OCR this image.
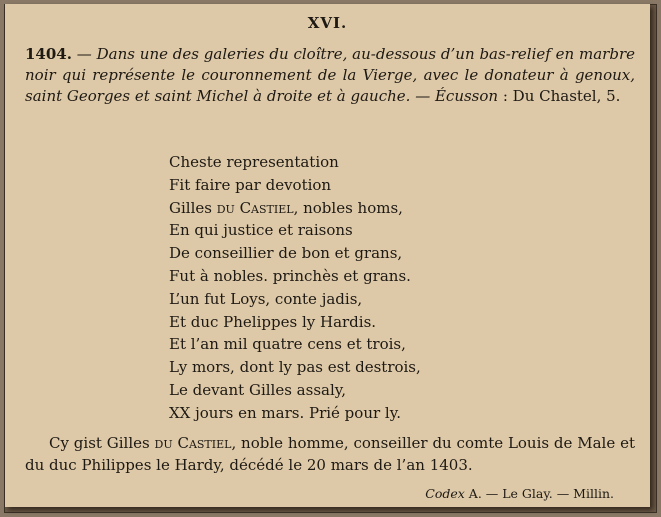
XVI.
1404. — Dans une des galeries du cloître, au-dessous d’un bas-relief en marbre noir qui représente le couronnement de la Vierge, avec le donateur à genoux, saint Georges et saint Michel à droite et à gauche. — Écusson : Du Chastel, 5.
Cheste representation
Fit faire par devotion
Gilles du Castiel, nobles homs,
En qui justice et raisons
De conseillier de bon et grans,
Fut à nobles. princhès et grans.
L’un fut Loys, conte jadis,
Et duc Phelippes ly Hardis.
Et l’an mil quatre cens et trois,
Ly mors, dont ly pas est destrois,
Le devant Gilles assaly,
XX jours en mars. Prié pour ly.
Cy gist Gilles du Castiel, noble homme, conseiller du comte Louis de Male et du duc Philippes le Hardy, décédé le 20 mars de l’an 1403.
Codex A. — Le Glay. — Millin.
